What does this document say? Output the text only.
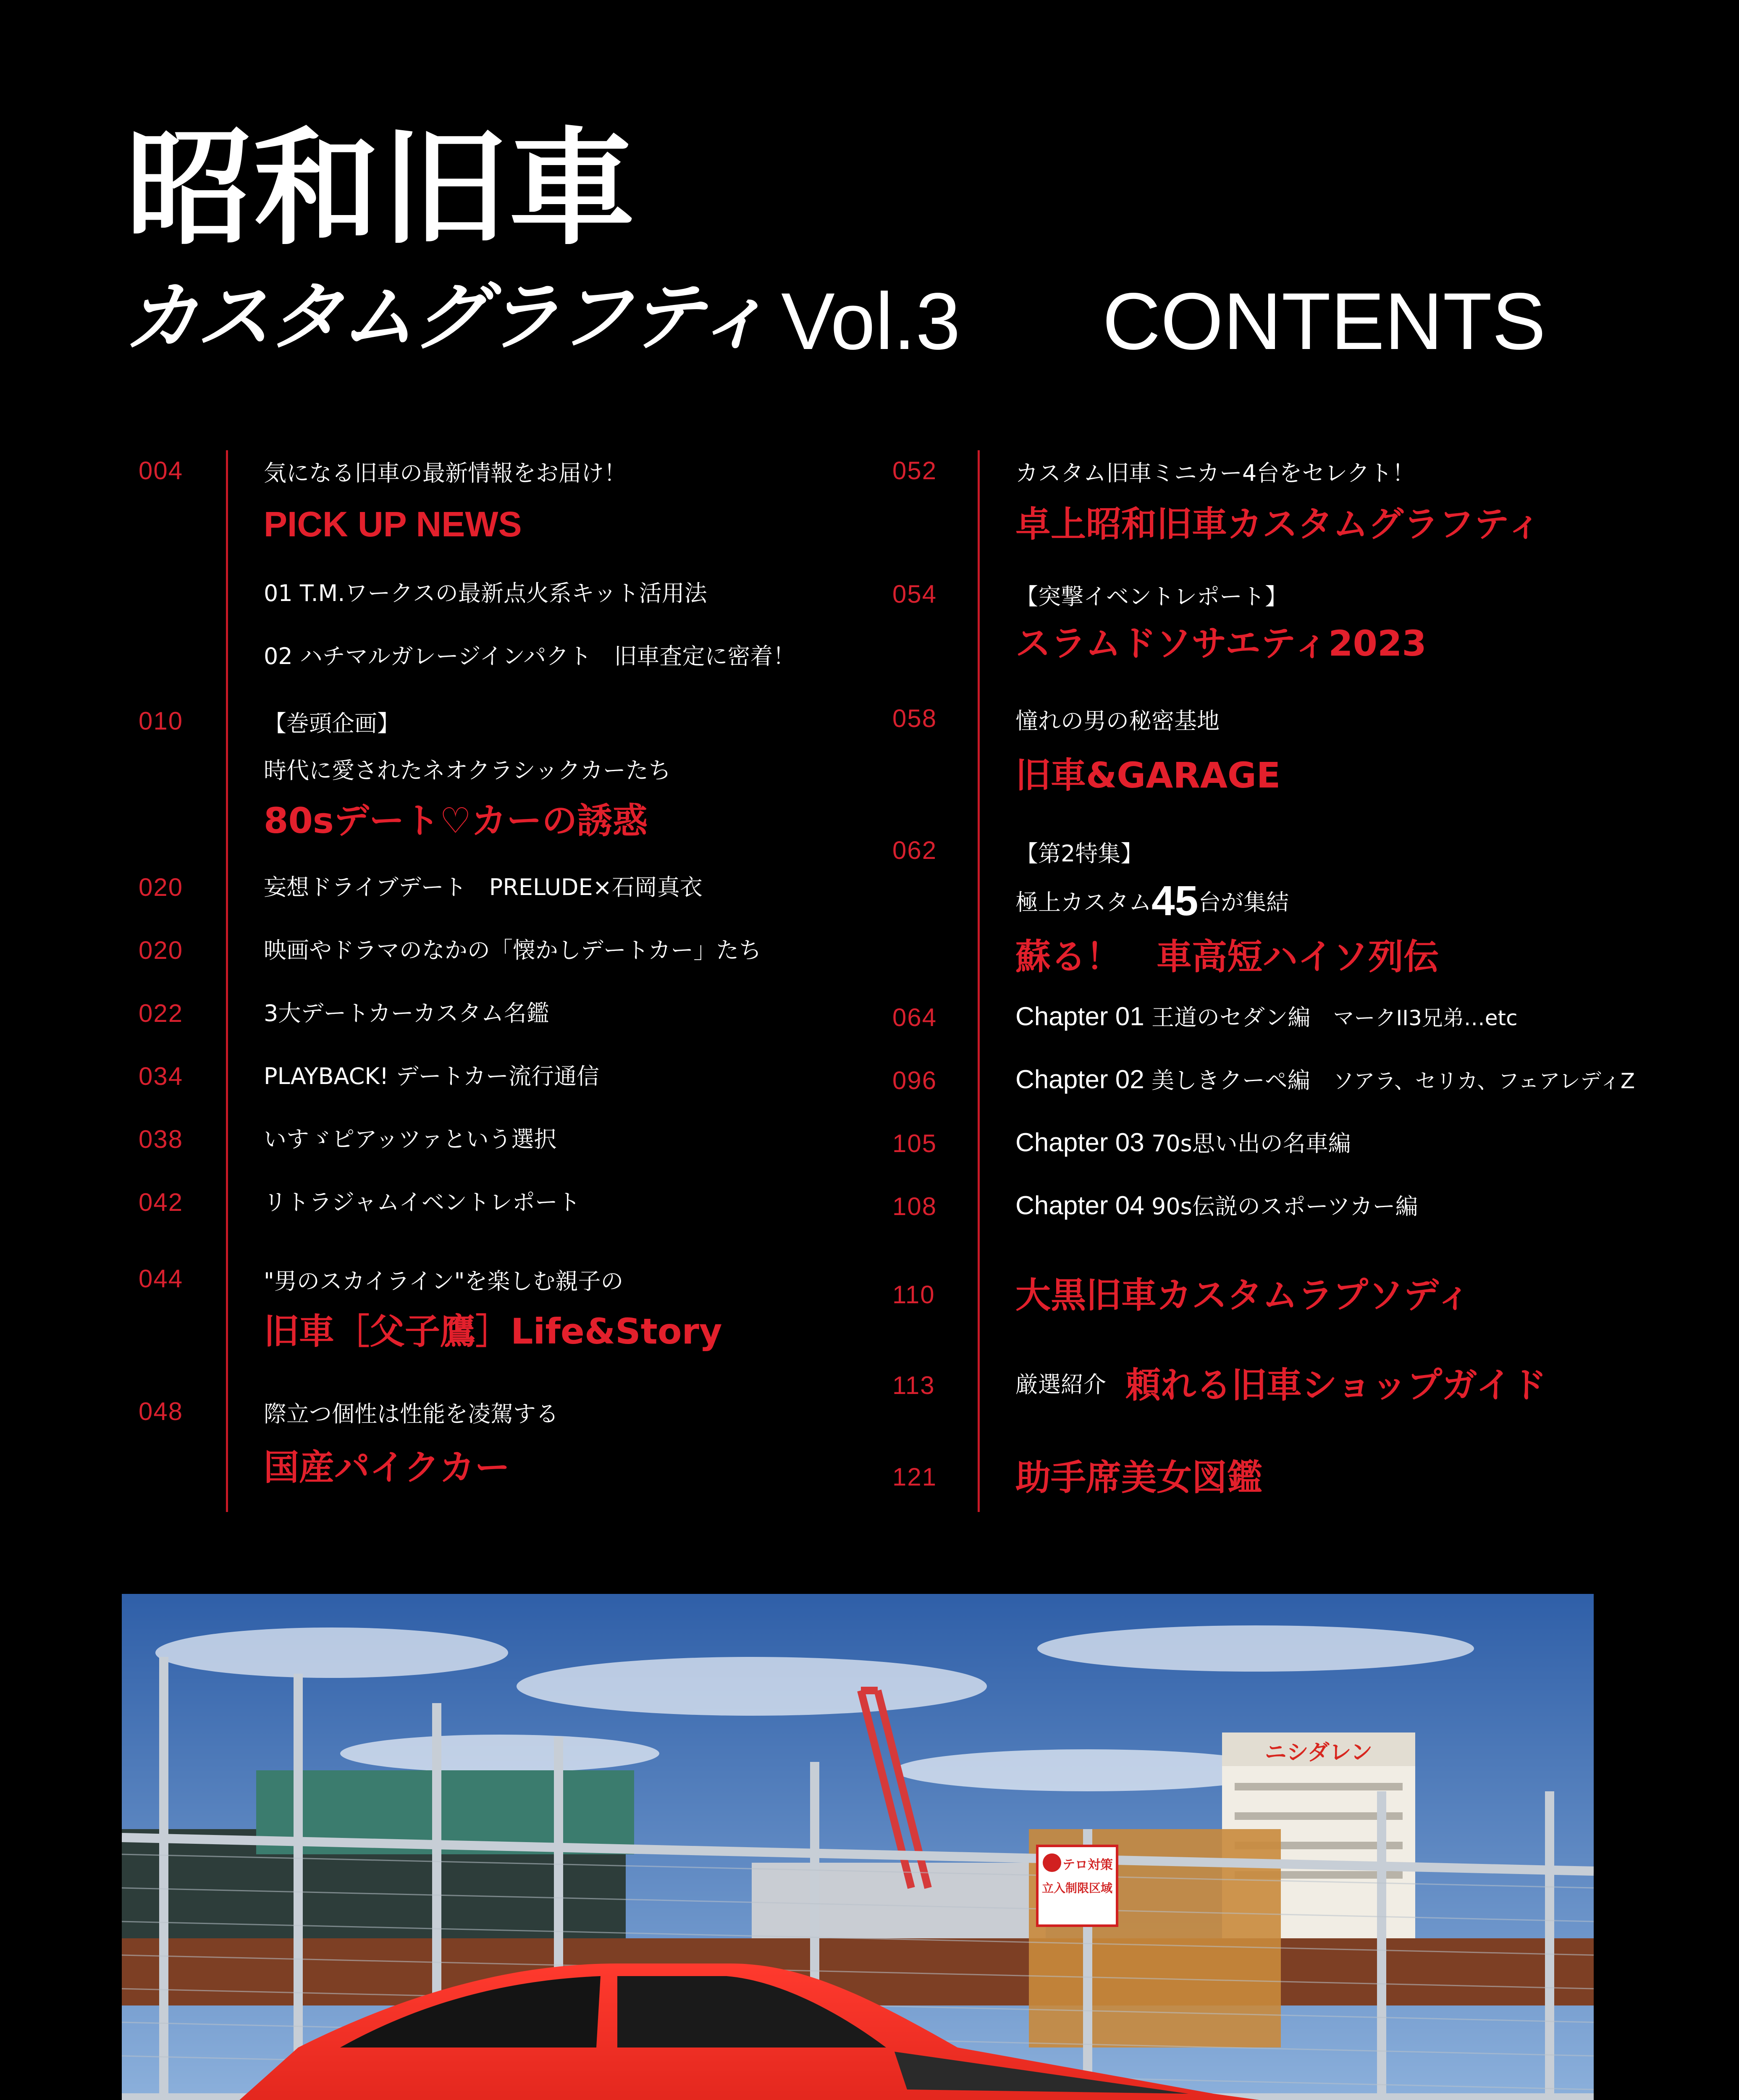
昭和旧車
カスタムグラフティ Vol.3 CONTENTS
004	気になる旧車の最新情報をお届け！
PICK UP NEWS
01 T.M.ワークスの最新点火系キット活用法
02 ハチマルガレージインパクト　旧車査定に密着！
010	【巻頭企画】
時代に愛されたネオクラシックカーたち
80sデート♡カーの誘惑
020	妄想ドライブデート　PRELUDE×石岡真衣
020	映画やドラマのなかの「懐かしデートカー」たち
022	3大デートカーカスタム名鑑
034	PLAYBACK! デートカー流行通信
038	いすゞピアッツァという選択
042	リトラジャムイベントレポート
044	"男のスカイライン"を楽しむ親子の
旧車［父子鷹］Life&Story
048	際立つ個性は性能を凌駕する
国産パイクカー
052	カスタム旧車ミニカー4台をセレクト！
卓上昭和旧車カスタムグラフティ
054	【突撃イベントレポート】
スラムドソサエティ2023
058	憧れの男の秘密基地
旧車&GARAGE
062	【第2特集】
極上カスタム45台が集結
蘇る！　車高短ハイソ列伝
064	Chapter 01 王道のセダン編　 マークII3兄弟…etc
096	Chapter 02 美しきクーペ編　 ソアラ、セリカ、フェアレディZ
105	Chapter 03 70s思い出の名車編
108	Chapter 04 90s伝説のスポーツカー編
110 大黒旧車カスタムラプソディ
113	厳選紹介 頼れる旧車ショップガイド
121 助手席美女図鑑
ニシダレン
テロ対策
立入制限区域
